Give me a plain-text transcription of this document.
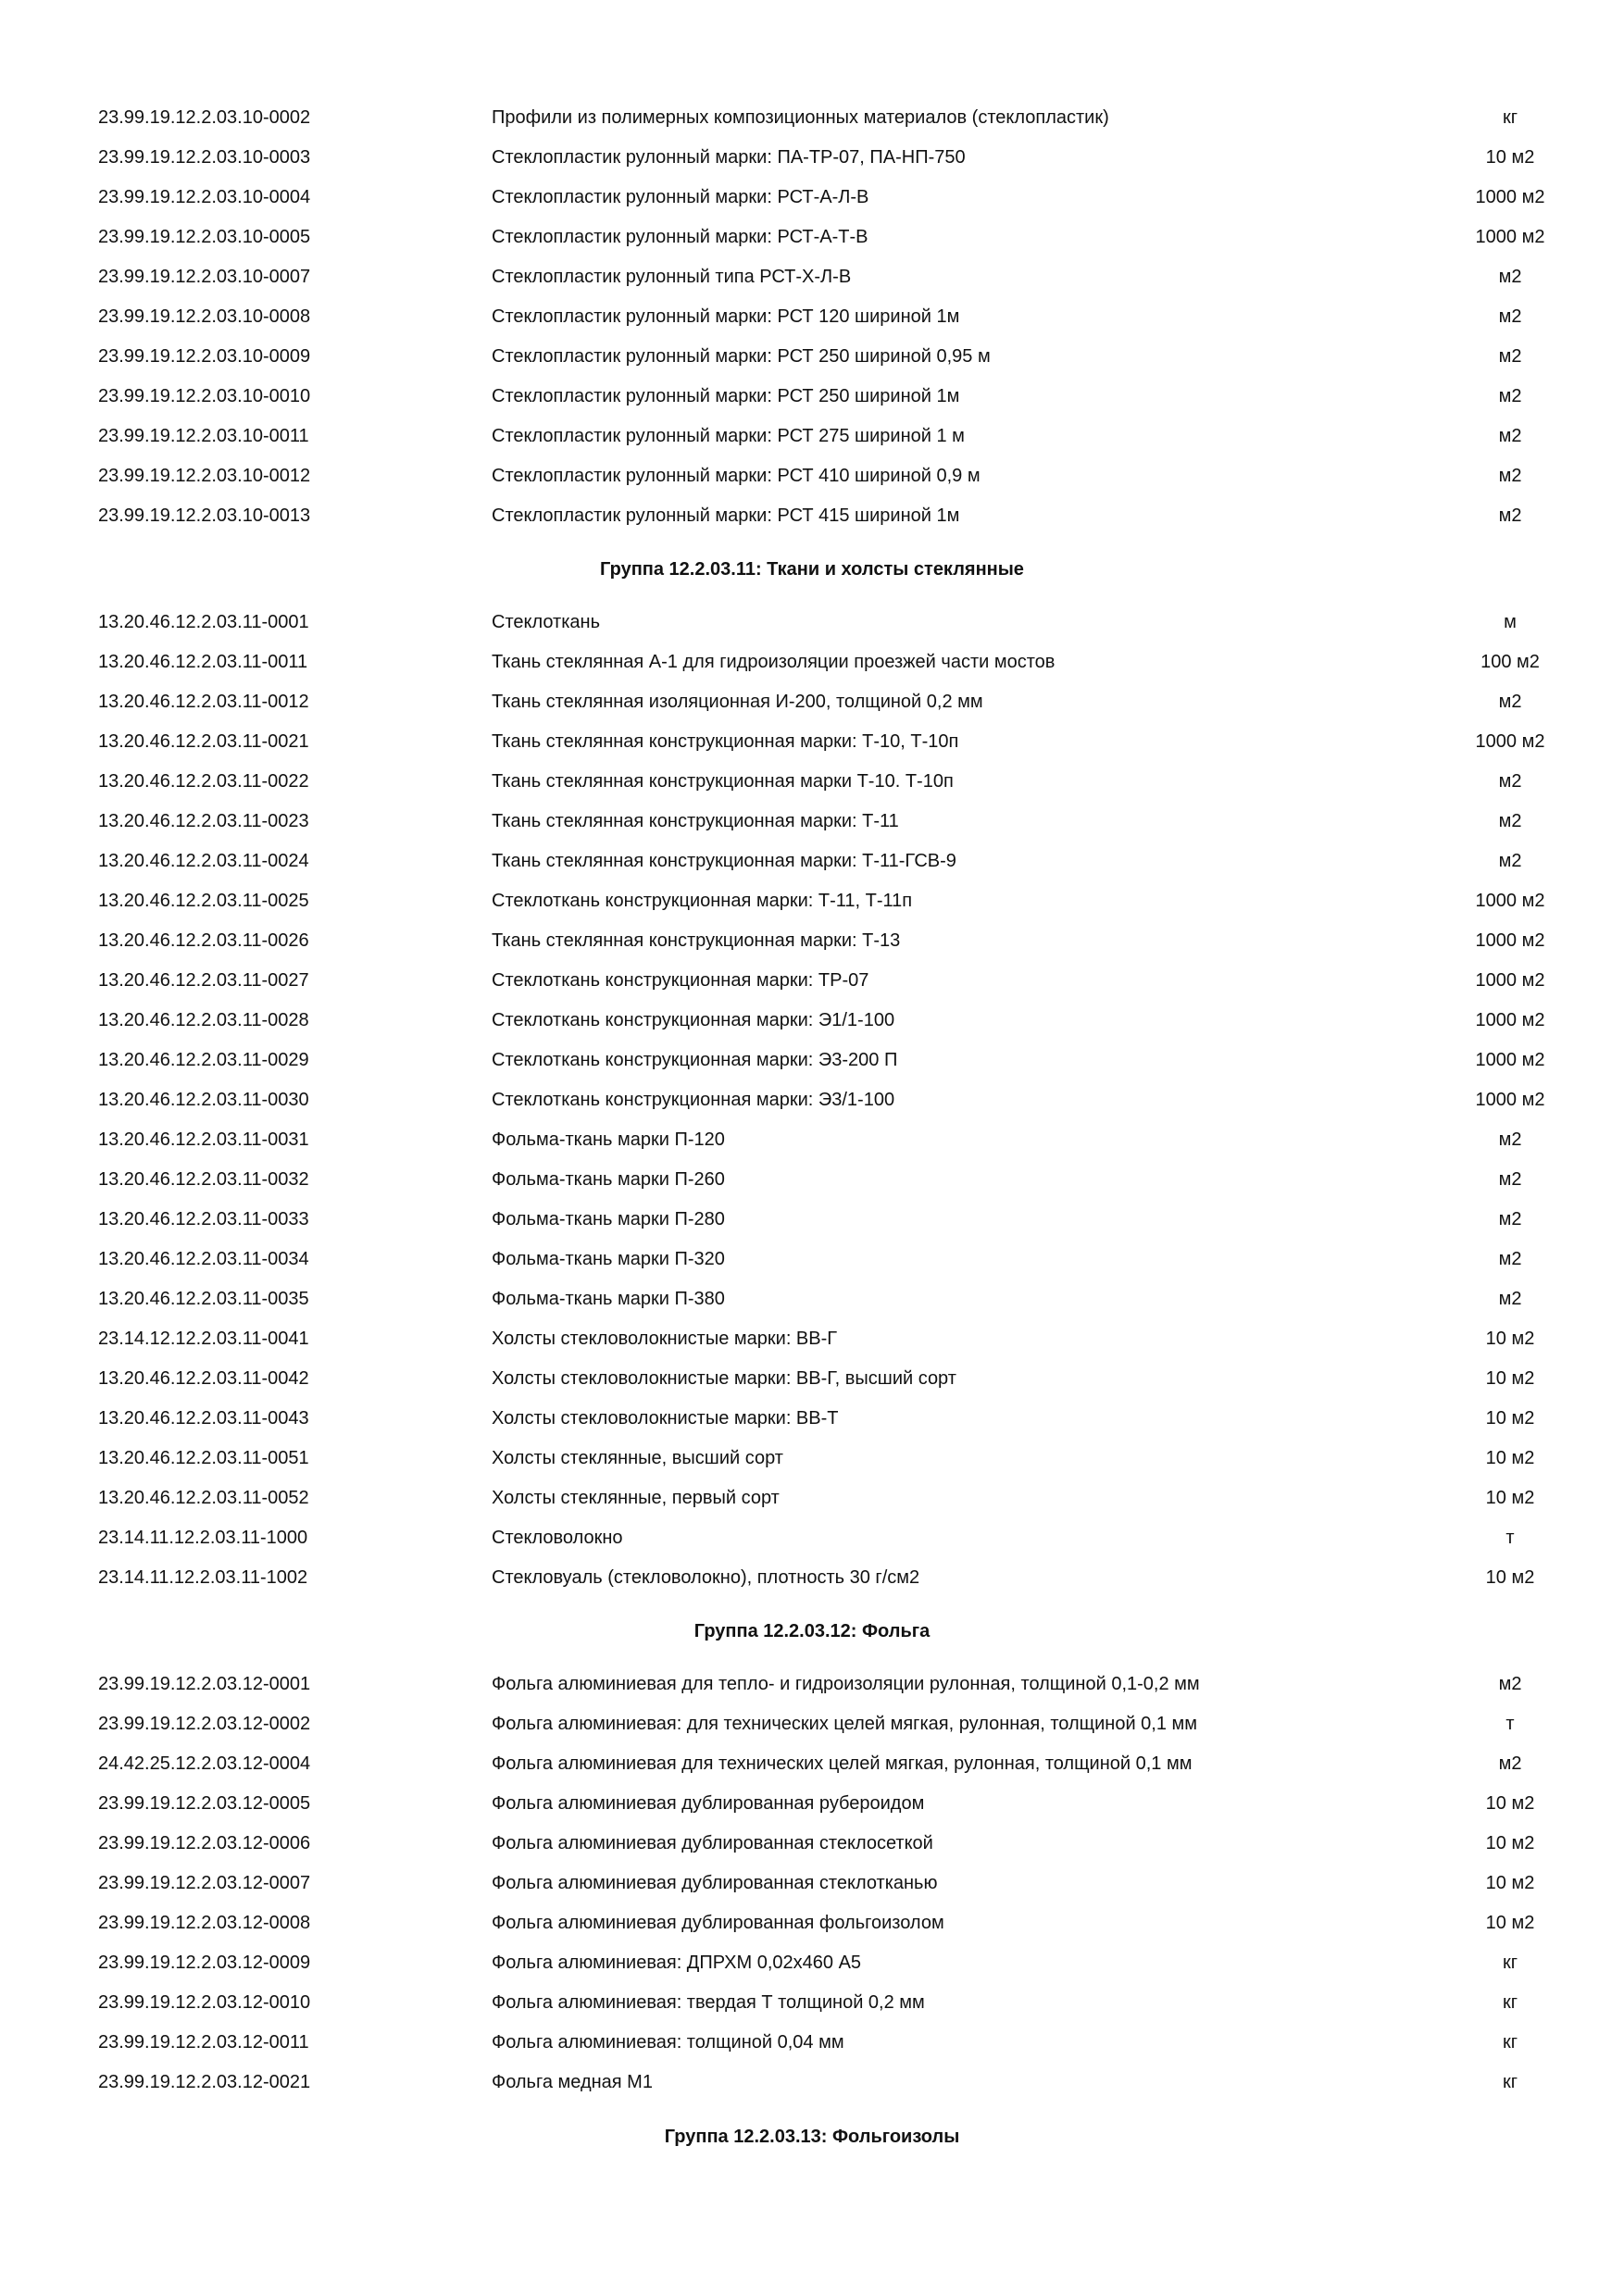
23.99.19.12.2.03.10-0002	Профили из полимерных композиционных материалов (стеклопластик)	кг
23.99.19.12.2.03.10-0003	Стеклопластик рулонный марки: ПА-ТР-07, ПА-НП-750	10 м2
23.99.19.12.2.03.10-0004	Стеклопластик рулонный марки: РСТ-А-Л-В	1000 м2
23.99.19.12.2.03.10-0005	Стеклопластик рулонный марки: РСТ-А-Т-В	1000 м2
23.99.19.12.2.03.10-0007	Стеклопластик рулонный типа РСТ-Х-Л-В	м2
23.99.19.12.2.03.10-0008	Стеклопластик рулонный марки: РСТ 120 шириной 1м	м2
23.99.19.12.2.03.10-0009	Стеклопластик рулонный марки: РСТ 250 шириной 0,95 м	м2
23.99.19.12.2.03.10-0010	Стеклопластик рулонный марки: РСТ 250 шириной 1м	м2
23.99.19.12.2.03.10-0011	Стеклопластик рулонный марки: РСТ 275 шириной 1 м	м2
23.99.19.12.2.03.10-0012	Стеклопластик рулонный марки: РСТ 410 шириной 0,9 м	м2
23.99.19.12.2.03.10-0013	Стеклопластик рулонный марки: РСТ 415 шириной 1м	м2
Группа 12.2.03.11: Ткани и холсты стеклянные
13.20.46.12.2.03.11-0001	Стеклоткань	м
13.20.46.12.2.03.11-0011	Ткань стеклянная А-1 для гидроизоляции проезжей части мостов	100 м2
13.20.46.12.2.03.11-0012	Ткань стеклянная изоляционная И-200, толщиной 0,2 мм	м2
13.20.46.12.2.03.11-0021	Ткань стеклянная конструкционная марки: Т-10, Т-10п	1000 м2
13.20.46.12.2.03.11-0022	Ткань стеклянная конструкционная марки Т-10. Т-10п	м2
13.20.46.12.2.03.11-0023	Ткань стеклянная конструкционная марки: Т-11	м2
13.20.46.12.2.03.11-0024	Ткань стеклянная конструкционная марки: Т-11-ГСВ-9	м2
13.20.46.12.2.03.11-0025	Стеклоткань конструкционная марки: Т-11, Т-11п	1000 м2
13.20.46.12.2.03.11-0026	Ткань стеклянная конструкционная марки: Т-13	1000 м2
13.20.46.12.2.03.11-0027	Стеклоткань конструкционная марки: ТР-07	1000 м2
13.20.46.12.2.03.11-0028	Стеклоткань конструкционная марки: Э1/1-100	1000 м2
13.20.46.12.2.03.11-0029	Стеклоткань конструкционная марки: Э3-200 П	1000 м2
13.20.46.12.2.03.11-0030	Стеклоткань конструкционная марки: Э3/1-100	1000 м2
13.20.46.12.2.03.11-0031	Фольма-ткань марки П-120	м2
13.20.46.12.2.03.11-0032	Фольма-ткань марки П-260	м2
13.20.46.12.2.03.11-0033	Фольма-ткань марки П-280	м2
13.20.46.12.2.03.11-0034	Фольма-ткань марки П-320	м2
13.20.46.12.2.03.11-0035	Фольма-ткань марки П-380	м2
23.14.12.12.2.03.11-0041	Холсты стекловолокнистые марки: ВВ-Г	10 м2
13.20.46.12.2.03.11-0042	Холсты стекловолокнистые марки: ВВ-Г, высший сорт	10 м2
13.20.46.12.2.03.11-0043	Холсты стекловолокнистые марки: ВВ-Т	10 м2
13.20.46.12.2.03.11-0051	Холсты стеклянные, высший сорт	10 м2
13.20.46.12.2.03.11-0052	Холсты стеклянные, первый сорт	10 м2
23.14.11.12.2.03.11-1000	Стекловолокно	т
23.14.11.12.2.03.11-1002	Стекловуаль (стекловолокно), плотность 30 г/см2	10 м2
Группа 12.2.03.12: Фольга
23.99.19.12.2.03.12-0001	Фольга алюминиевая для тепло- и гидроизоляции рулонная, толщиной 0,1-0,2 мм	м2
23.99.19.12.2.03.12-0002	Фольга алюминиевая: для технических целей мягкая, рулонная, толщиной 0,1 мм	т
24.42.25.12.2.03.12-0004	Фольга алюминиевая для технических целей мягкая, рулонная, толщиной 0,1 мм	м2
23.99.19.12.2.03.12-0005	Фольга алюминиевая дублированная рубероидом	10 м2
23.99.19.12.2.03.12-0006	Фольга алюминиевая дублированная стеклосеткой	10 м2
23.99.19.12.2.03.12-0007	Фольга алюминиевая дублированная стеклотканью	10 м2
23.99.19.12.2.03.12-0008	Фольга алюминиевая дублированная фольгоизолом	10 м2
23.99.19.12.2.03.12-0009	Фольга алюминиевая: ДПРХМ 0,02х460 А5	кг
23.99.19.12.2.03.12-0010	Фольга алюминиевая: твердая Т толщиной 0,2 мм	кг
23.99.19.12.2.03.12-0011	Фольга алюминиевая: толщиной 0,04 мм	кг
23.99.19.12.2.03.12-0021	Фольга медная М1	кг
Группа 12.2.03.13: Фольгоизолы
